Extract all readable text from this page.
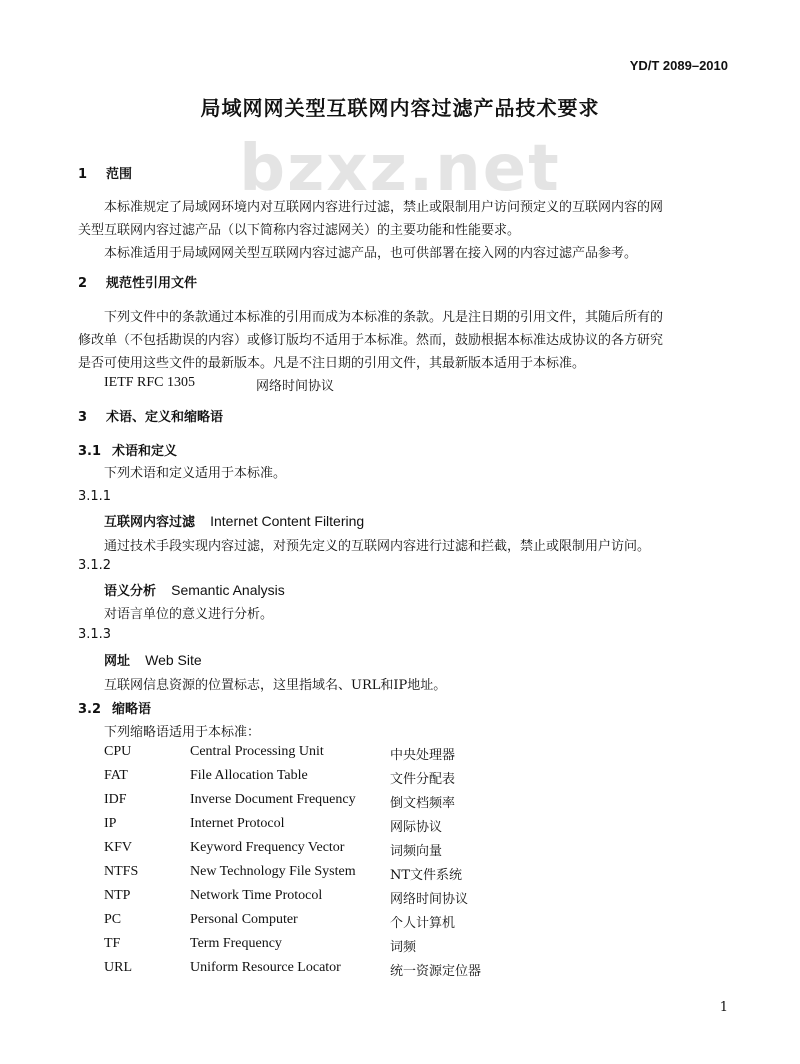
YD/T 2089–2010
局域网网关型互联网内容过滤产品技术要求
bzxz.net
1 范围
本标准规定了局域网环境内对互联网内容进行过滤，禁止或限制用户访问预定义的互联网内容的网
关型互联网内容过滤产品（以下简称内容过滤网关）的主要功能和性能要求。
本标准适用于局域网网关型互联网内容过滤产品，也可供部署在接入网的内容过滤产品参考。
2 规范性引用文件
下列文件中的条款通过本标准的引用而成为本标准的条款。凡是注日期的引用文件，其随后所有的
修改单（不包括勘误的内容）或修订版均不适用于本标准。然而，鼓励根据本标准达成协议的各方研究
是否可使用这些文件的最新版本。凡是不注日期的引用文件，其最新版本适用于本标准。
IETF RFC 1305	网络时间协议
3 术语、定义和缩略语
3.1 术语和定义
下列术语和定义适用于本标准。
3.1.1
互联网内容过滤 Internet Content Filtering
通过技术手段实现内容过滤，对预先定义的互联网内容进行过滤和拦截，禁止或限制用户访问。
3.1.2
语义分析 Semantic Analysis
对语言单位的意义进行分析。
3.1.3
网址 Web Site
互联网信息资源的位置标志，这里指域名、URL和IP地址。
3.2 缩略语
下列缩略语适用于本标准：
CPU	Central Processing Unit	中央处理器
FAT	File Allocation Table	文件分配表
IDF	Inverse Document Frequency	倒文档频率
IP	Internet Protocol	网际协议
KFV	Keyword Frequency Vector	词频向量
NTFS	New Technology File System	NT文件系统
NTP	Network Time Protocol	网络时间协议
PC	Personal Computer	个人计算机
TF	Term Frequency	词频
URL	Uniform Resource Locator	统一资源定位器
1
